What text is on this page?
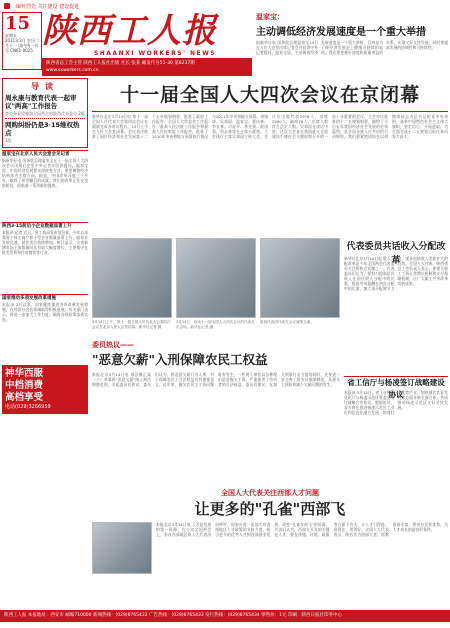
缅怀烈先 关注建设 建设促进
15
星期五
2011年3月 农历二月十一 国内统一刊号 CN61-0025 陕西工人报
SHAANXI WORKERS' NEWS
陕西省总工会主管 陕西工人报社出版 社长 张某 邮发代号51-30 第8237期 www.sxworkers.com.cn
温家宝：
主动调低经济发展速度是一个重大举措
据新华社电 国务院总理温家宝14日在人民大会堂出席记者会并回答中外记者提问。温家宝说，主动调低经济发展速度是一个重大举措，目的是为了使经济发展走上健康可持续的轨道。我们要把握好速度和质量效益的关系，实现又好又快发展。同时要提高发展的协调性和可持续性。
导读
周永康与教育代表一起审议"两高"工作报告
李克强看望参加全国两会的陕西代表委员 2版
网购纠纷仍是3·15维权热点
1版
温家宝在北京人民大会堂会见记者
据新华社电 国务院总理温家宝在十一届全国人大四次会议闭幕后会见中外记者并回答提问。温家宝说，中国经济发展要实现转变方式，要把调整经济结构作为主攻方向。他说，中国改革开放三十多年，取得了举世瞩目的成就。我们的改革正处在攻坚阶段，面临着一系列新的挑战。
陕西3·15前后小企业数据显著上升
本报讯 记者 近日，省工商局发布消息称，今年以来我省个体工商户和小型企业数量显著上升，服务业发展迅速，就业岗位持续增加。统计显示，全省新增市场主体数量同比有较大幅度增长，主要集中在批发零售和住宿餐饮等行业。
国家推动多项发展改革措施
本报讯 2月以来，国家继续推进各项改革发展措施，在经济社会各领域取得积极进展。有关部门表示，将进一步加大工作力度，确保各项政策落到实处。
神华西服
中档消费
高档享受
电话(029)3266959
十一届全国人大四次会议在京闭幕
新华社北京3月14日电 第十一届全国人民代表大会第四次会议在圆满完成各项议程后，14日上午在人民大会堂闭幕。会议表决批准了国民经济和社会发展第十二个五年规划纲要，批准了政府工作报告、全国人大常委会工作报告、最高人民法院工作报告和最高人民检察院工作报告，批准了2010年中央和地方预算执行情况与2011年中央和地方预算。胡锦涛、吴邦国、温家宝、贾庆林、李长春、习近平、李克强、贺国强、周永康等在主席台就座。大会执行主席吴邦国主持大会。会议应出席代表2978人，出席2900人，缺席78人，出席人数符合法定人数。吴邦国在讲话中说，这次大会是在我国进入全面建设小康社会关键时期召开的一次十分重要的会议。大会审议批准的十二五规划纲要，描绘了今后五年我国经济社会发展的宏伟蓝图，是全国各族人民共同的行动纲领。我们要紧密团结在以胡锦涛同志为总书记的党中央周围，高举中国特色社会主义伟大旗帜，坚定信心、开拓进取，为全面完成十二五规划目标任务而努力奋斗。
3月14日上午，第十一届全国人民代表大会第四次会议在北京人民大会堂闭幕。新华社记者 摄
3月14日，出席十一届全国人大四次会议的代表走出会场。新华社记者 摄
陕西代表团代表在会议间隙交流。
代表委员共话收入分配改革
新华社北京3月14日电 收入分配改革是今年全国两会代表委员关注的热点话题之一。代表委员们认为，要努力提高居民收入在国民收入分配中的比重，提高劳动报酬在初次分配中的比重，加大再分配调节力度，逐步扭转收入差距扩大的趋势。全国人大代表、陕西省总工会负责人表示，要建立职工工资正常增长机制和支付保障机制，让广大职工共享改革发展成果。
省工信厅与杨凌签订战略建设协议
本报讯 3月12日，省工业和信息化厅与杨凌示范区管委会签订战略合作协议。根据协议，双方将在推进杨凌示范区工业化和信息化融合发展、培育壮大优势产业、加快现代农业发展等方面开展全面合作，共同推动杨凌示范区又好又快发展。
委员热议——
"恶意欠薪"入刑保障农民工权益
本报北京3月14日电 刑法修正案（八）草案将"恶意欠薪"纳入刑法调整范围，引起委员们热议。委员们认为，将恶意欠薪行为入刑，对于保障农民工合法权益具有重要意义。近年来，拖欠农民工工资问题时有发生，一些用人单位以各种理由恶意拖欠工资，严重损害了劳动者的合法权益。委员们建议，在加大刑事打击力度的同时，还要进一步完善工资支付保障制度，从源头上预防和减少欠薪问题的发生。
全国人大代表关注西部人才问题
让更多的"孔雀"西部飞
本报北京3月14日电 人才是发展的第一资源。在今年全国两会上，来自西部地区的人大代表纷纷呼吁，国家应进一步加大对西部地区人才政策的支持力度，吸引更多的优秀人才到西部创业发展，改变"孔雀东南飞"的局面。代表们认为，西部大开发的关键在人才，要在待遇、环境、政策等方面下功夫，让人才引得进、留得住、用得好。全国人大代表表示，陕西作为西部大省，科教资源丰富，要充分发挥优势，为人才成长创造良好条件。
陕西工人报 本报地址：西安市 邮编710000 新闻热线：(029)8765432 广告热线：(029)8765433 发行热线：(029)8765434 零售价：1元 印刷：陕西日报社印务中心
